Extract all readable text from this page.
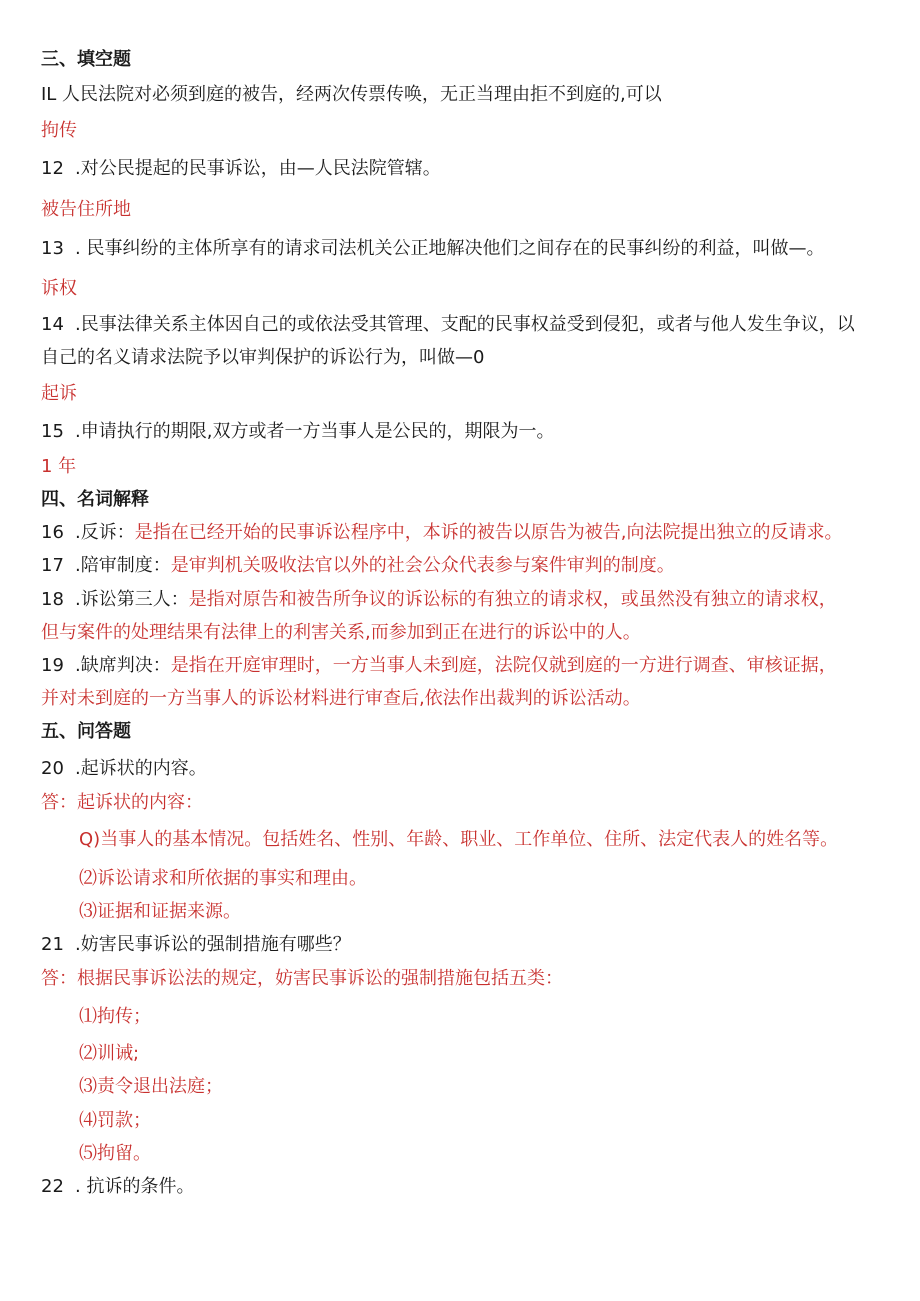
三、填空题
IL 人民法院对必须到庭的被告，经两次传票传唤，无正当理由拒不到庭的,可以
拘传
12 .对公民提起的民事诉讼，由—人民法院管辖。
被告住所地
13 . 民事纠纷的主体所享有的请求司法机关公正地解决他们之间存在的民事纠纷的利益，叫做—。
诉权
14 .民事法律关系主体因自己的或依法受其管理、支配的民事权益受到侵犯，或者与他人发生争议，以
自己的名义请求法院予以审判保护的诉讼行为，叫做—0
起诉
15 .申请执行的期限,双方或者一方当事人是公民的，期限为一。
1 年
四、名词解释
16 .反诉：是指在已经开始的民事诉讼程序中，本诉的被告以原告为被告,向法院提出独立的反请求。
17 .陪审制度：是审判机关吸收法官以外的社会公众代表参与案件审判的制度。
18 .诉讼第三人：是指对原告和被告所争议的诉讼标的有独立的请求权，或虽然没有独立的请求权，
但与案件的处理结果有法律上的利害关系,而参加到正在进行的诉讼中的人。
19 .缺席判决：是指在开庭审理时，一方当事人未到庭，法院仅就到庭的一方进行调查、审核证据，
并对未到庭的一方当事人的诉讼材料进行审查后,依法作出裁判的诉讼活动。
五、问答题
20 .起诉状的内容。
答：起诉状的内容：
Q)当事人的基本情况。包括姓名、性别、年龄、职业、工作单位、住所、法定代表人的姓名等。
⑵诉讼请求和所依据的事实和理由。
⑶证据和证据来源。
21 .妨害民事诉讼的强制措施有哪些？
答：根据民事诉讼法的规定，妨害民事诉讼的强制措施包括五类：
⑴拘传；
⑵训诫;
⑶责令退出法庭；
⑷罚款；
⑸拘留。
22 . 抗诉的条件。
